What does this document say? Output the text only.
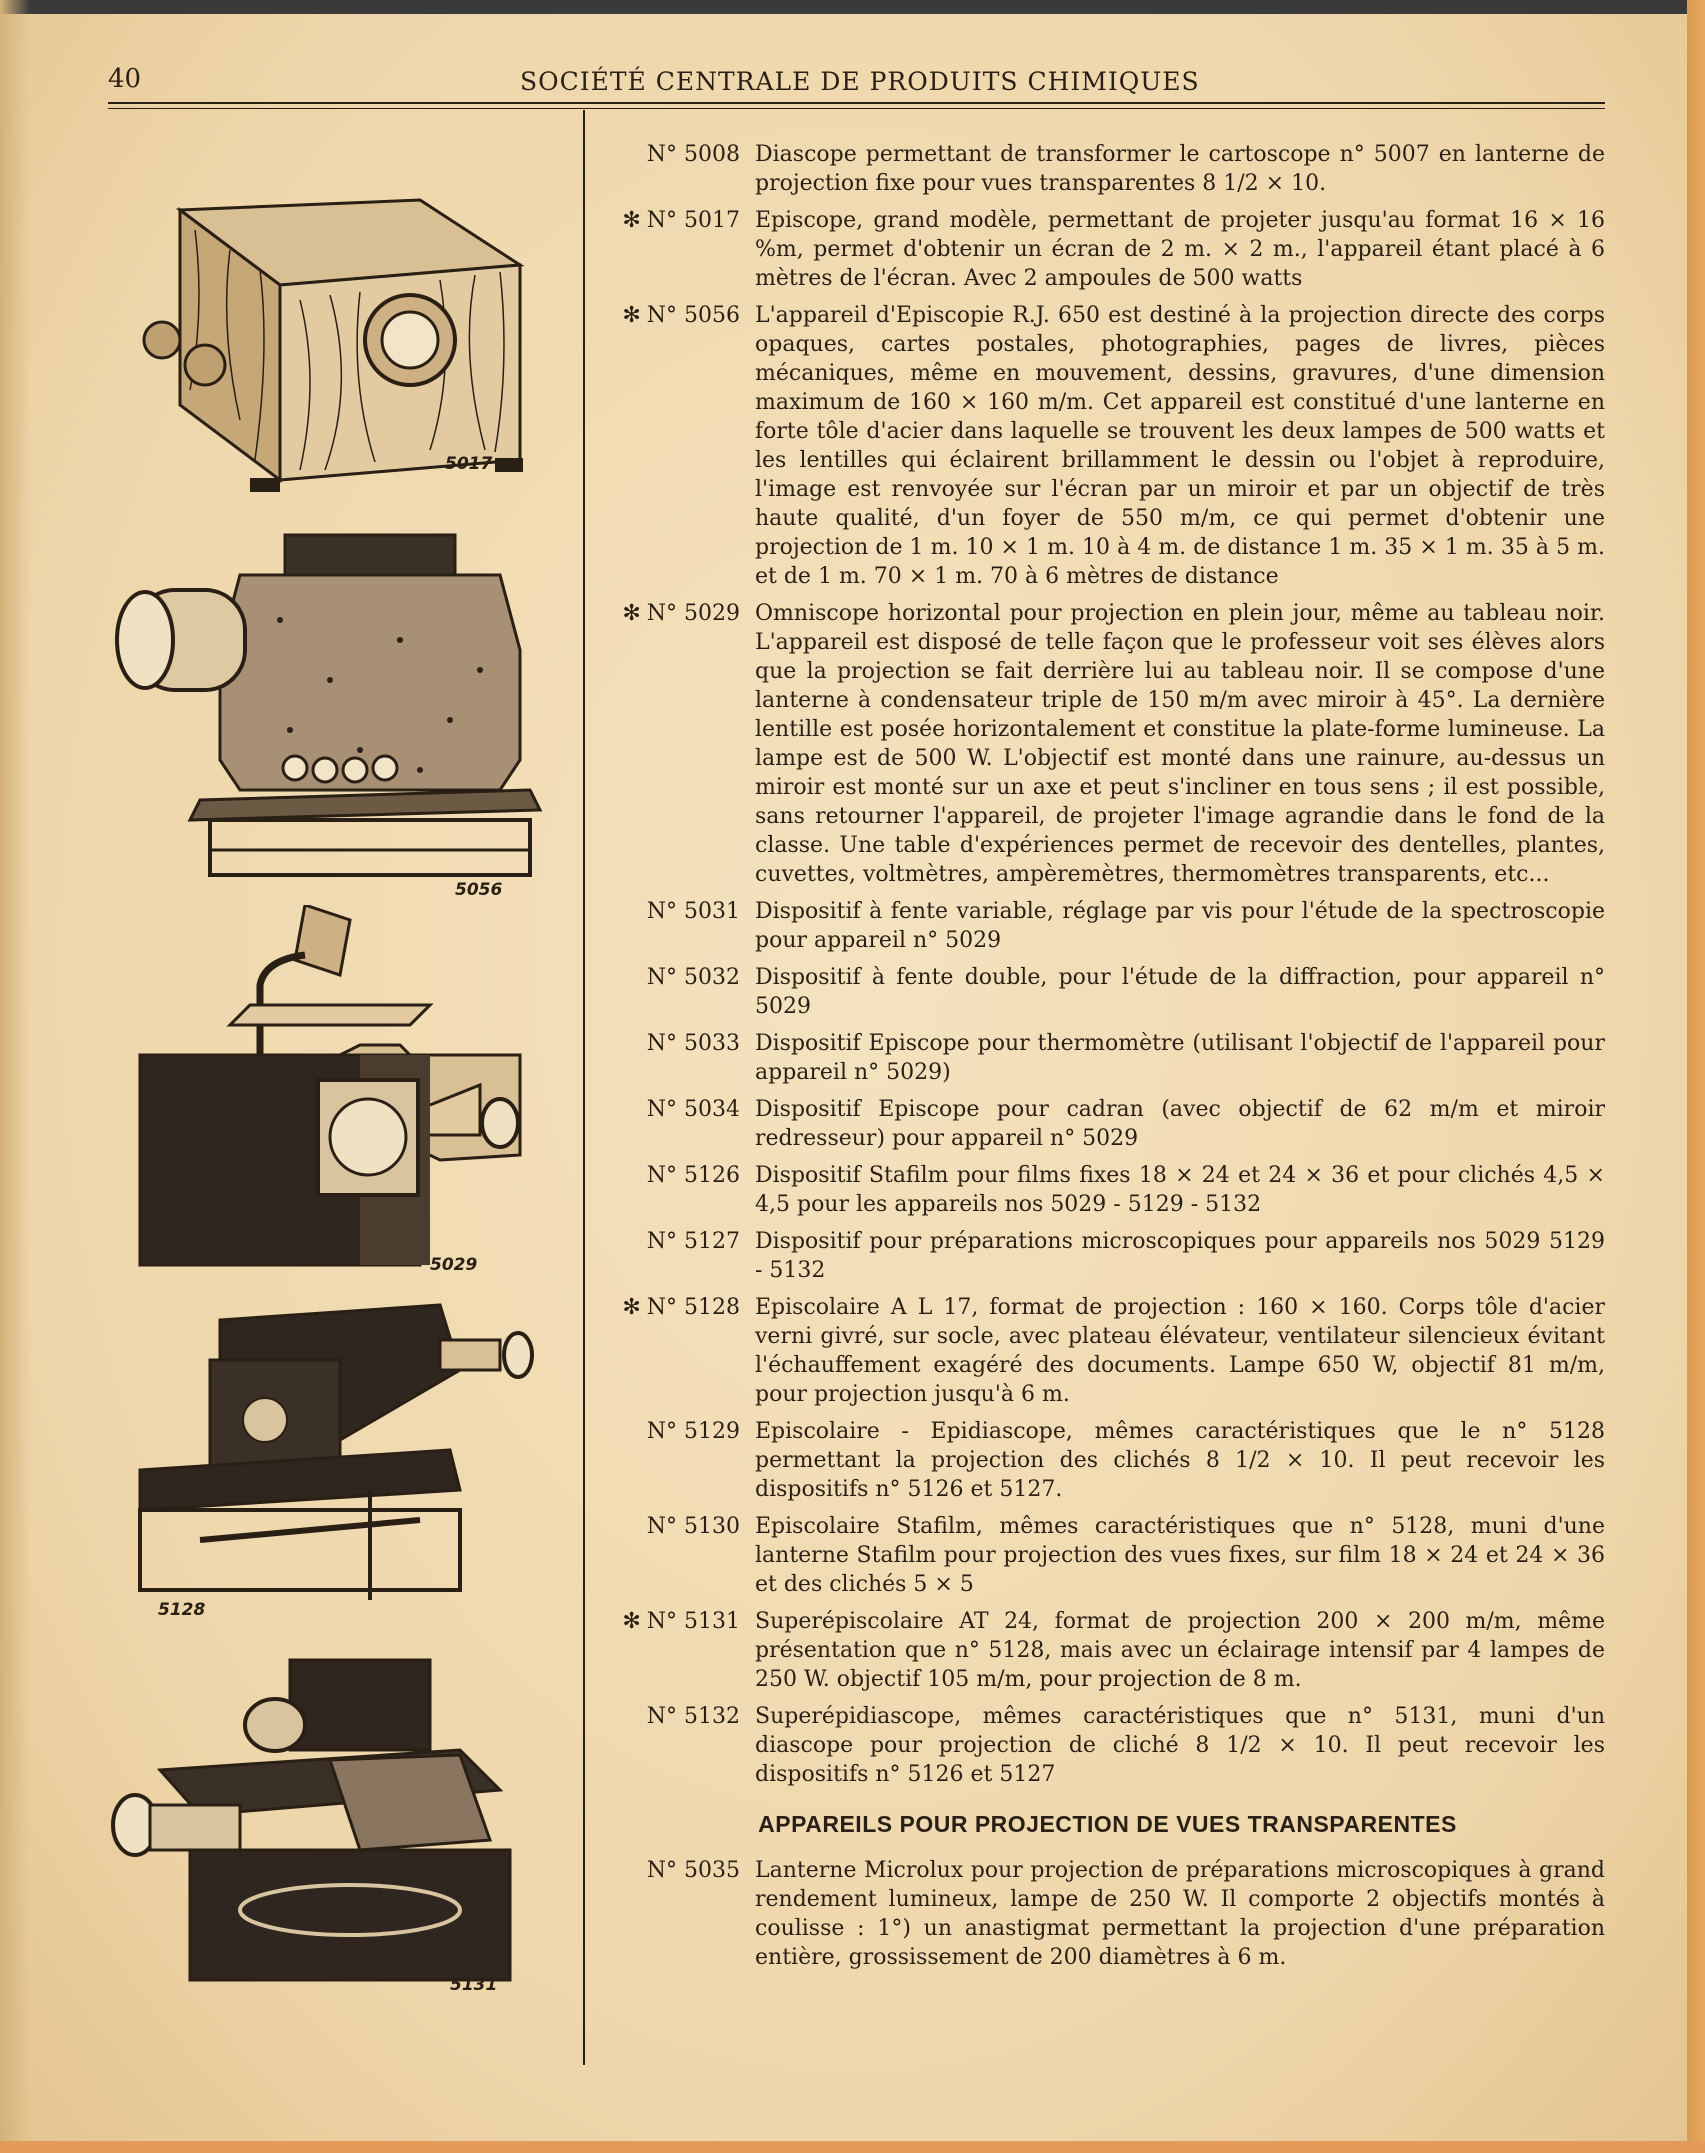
40	SOCIÉTÉ CENTRALE DE PRODUITS CHIMIQUES
5017
5056
5029
5128
5131
N° 5008 Diascope permettant de transformer le cartoscope n° 5007 en lanterne de projection fixe pour vues transparentes 8 1/2 × 10.
✻ N° 5017 Episcope, grand modèle, permettant de projeter jusqu'au format 16 × 16 %m, permet d'obtenir un écran de 2 m. × 2 m., l'appareil étant placé à 6 mètres de l'écran. Avec 2 ampoules de 500 watts
✻ N° 5056 L'appareil d'Episcopie R.J. 650 est destiné à la projection directe des corps opaques, cartes postales, photographies, pages de livres, pièces mécaniques, même en mouvement, dessins, gravures, d'une dimension maximum de 160 × 160 m/m. Cet appareil est constitué d'une lanterne en forte tôle d'acier dans laquelle se trouvent les deux lampes de 500 watts et les lentilles qui éclairent brillamment le dessin ou l'objet à reproduire, l'image est renvoyée sur l'écran par un miroir et par un objectif de très haute qualité, d'un foyer de 550 m/m, ce qui permet d'obtenir une projection de 1 m. 10 × 1 m. 10 à 4 m. de distance 1 m. 35 × 1 m. 35 à 5 m. et de 1 m. 70 × 1 m. 70 à 6 mètres de distance
✻ N° 5029 Omniscope horizontal pour projection en plein jour, même au tableau noir. L'appareil est disposé de telle façon que le professeur voit ses élèves alors que la projection se fait derrière lui au tableau noir. Il se compose d'une lanterne à condensateur triple de 150 m/m avec miroir à 45°. La dernière lentille est posée horizontalement et constitue la plate-forme lumineuse. La lampe est de 500 W. L'objectif est monté dans une rainure, au-dessus un miroir est monté sur un axe et peut s'incliner en tous sens ; il est possible, sans retourner l'appareil, de projeter l'image agrandie dans le fond de la classe. Une table d'expériences permet de recevoir des dentelles, plantes, cuvettes, voltmètres, ampèremètres, thermomètres transparents, etc...
N° 5031 Dispositif à fente variable, réglage par vis pour l'étude de la spectroscopie pour appareil n° 5029
N° 5032 Dispositif à fente double, pour l'étude de la diffraction, pour appareil n° 5029
N° 5033 Dispositif Episcope pour thermomètre (utilisant l'objectif de l'appareil pour appareil n° 5029)
N° 5034 Dispositif Episcope pour cadran (avec objectif de 62 m/m et miroir redresseur) pour appareil n° 5029
N° 5126 Dispositif Stafilm pour films fixes 18 × 24 et 24 × 36 et pour clichés 4,5 × 4,5 pour les appareils nos 5029 - 5129 - 5132
N° 5127 Dispositif pour préparations microscopiques pour appareils nos 5029 5129 - 5132
✻ N° 5128 Episcolaire A L 17, format de projection : 160 × 160. Corps tôle d'acier verni givré, sur socle, avec plateau élévateur, ventilateur silencieux évitant l'échauffement exagéré des documents. Lampe 650 W, objectif 81 m/m, pour projection jusqu'à 6 m.
N° 5129 Episcolaire - Epidiascope, mêmes caractéristiques que le n° 5128 permettant la projection des clichés 8 1/2 × 10. Il peut recevoir les dispositifs n° 5126 et 5127.
N° 5130 Episcolaire Stafilm, mêmes caractéristiques que n° 5128, muni d'une lanterne Stafilm pour projection des vues fixes, sur film 18 × 24 et 24 × 36 et des clichés 5 × 5
✻ N° 5131 Superépiscolaire AT 24, format de projection 200 × 200 m/m, même présentation que n° 5128, mais avec un éclairage intensif par 4 lampes de 250 W. objectif 105 m/m, pour projection de 8 m.
N° 5132 Superépidiascope, mêmes caractéristiques que n° 5131, muni d'un diascope pour projection de cliché 8 1/2 × 10. Il peut recevoir les dispositifs n° 5126 et 5127
APPAREILS POUR PROJECTION DE VUES TRANSPARENTES
N° 5035 Lanterne Microlux pour projection de préparations microscopiques à grand rendement lumineux, lampe de 250 W. Il comporte 2 objectifs montés à coulisse : 1°) un anastigmat permettant la projection d'une préparation entière, grossissement de 200 diamètres à 6 m.
